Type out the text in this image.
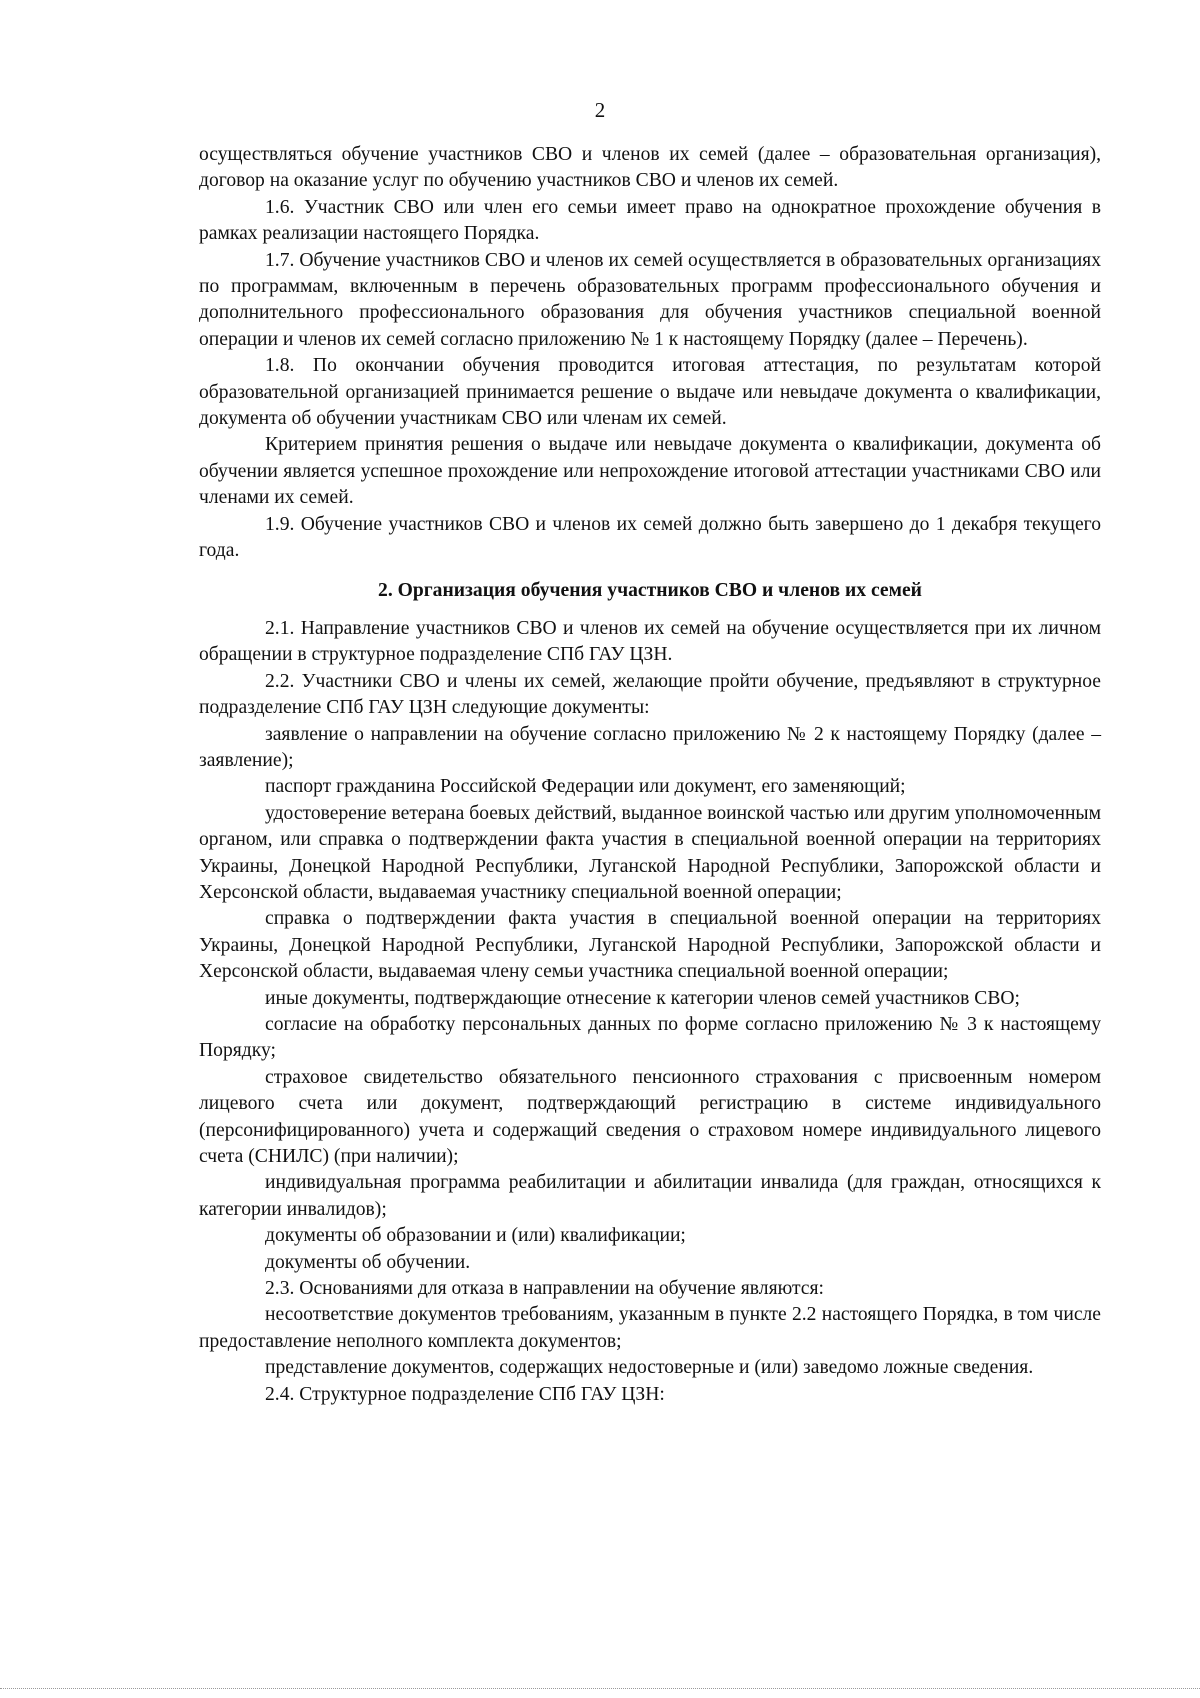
2

осуществляться обучение участников СВО и членов их семей (далее – образовательная организация), договор на оказание услуг по обучению участников СВО и членов их семей.

1.6. Участник СВО или член его семьи имеет право на однократное прохождение обучения в рамках реализации настоящего Порядка.

1.7. Обучение участников СВО и членов их семей осуществляется в образовательных организациях по программам, включенным в перечень образовательных программ профессионального обучения и дополнительного профессионального образования для обучения участников специальной военной операции и членов их семей согласно приложению № 1 к настоящему Порядку (далее – Перечень).

1.8. По окончании обучения проводится итоговая аттестация, по результатам которой образовательной организацией принимается решение о выдаче или невыдаче документа о квалификации, документа об обучении участникам СВО или членам их семей.

Критерием принятия решения о выдаче или невыдаче документа о квалификации, документа об обучении является успешное прохождение или непрохождение итоговой аттестации участниками СВО или членами их семей.

1.9. Обучение участников СВО и членов их семей должно быть завершено до 1 декабря текущего года.

2. Организация обучения участников СВО и членов их семей

2.1. Направление участников СВО и членов их семей на обучение осуществляется при их личном обращении в структурное подразделение СПб ГАУ ЦЗН.

2.2. Участники СВО и члены их семей, желающие пройти обучение, предъявляют в структурное подразделение СПб ГАУ ЦЗН следующие документы:

заявление о направлении на обучение согласно приложению № 2 к настоящему Порядку (далее – заявление);

паспорт гражданина Российской Федерации или документ, его заменяющий;

удостоверение ветерана боевых действий, выданное воинской частью или другим уполномоченным органом, или справка о подтверждении факта участия в специальной военной операции на территориях Украины, Донецкой Народной Республики, Луганской Народной Республики, Запорожской области и Херсонской области, выдаваемая участнику специальной военной операции;

справка о подтверждении факта участия в специальной военной операции на территориях Украины, Донецкой Народной Республики, Луганской Народной Республики, Запорожской области и Херсонской области, выдаваемая члену семьи участника специальной военной операции;

иные документы, подтверждающие отнесение к категории членов семей участников СВО;

согласие на обработку персональных данных по форме согласно приложению № 3 к настоящему Порядку;

страховое свидетельство обязательного пенсионного страхования с присвоенным номером лицевого счета или документ, подтверждающий регистрацию в системе индивидуального (персонифицированного) учета и содержащий сведения о страховом номере индивидуального лицевого счета (СНИЛС) (при наличии);

индивидуальная программа реабилитации и абилитации инвалида (для граждан, относящихся к категории инвалидов);

документы об образовании и (или) квалификации;

документы об обучении.

2.3. Основаниями для отказа в направлении на обучение являются:

несоответствие документов требованиям, указанным в пункте 2.2 настоящего Порядка, в том числе предоставление неполного комплекта документов;

представление документов, содержащих недостоверные и (или) заведомо ложные сведения.

2.4. Структурное подразделение СПб ГАУ ЦЗН:
